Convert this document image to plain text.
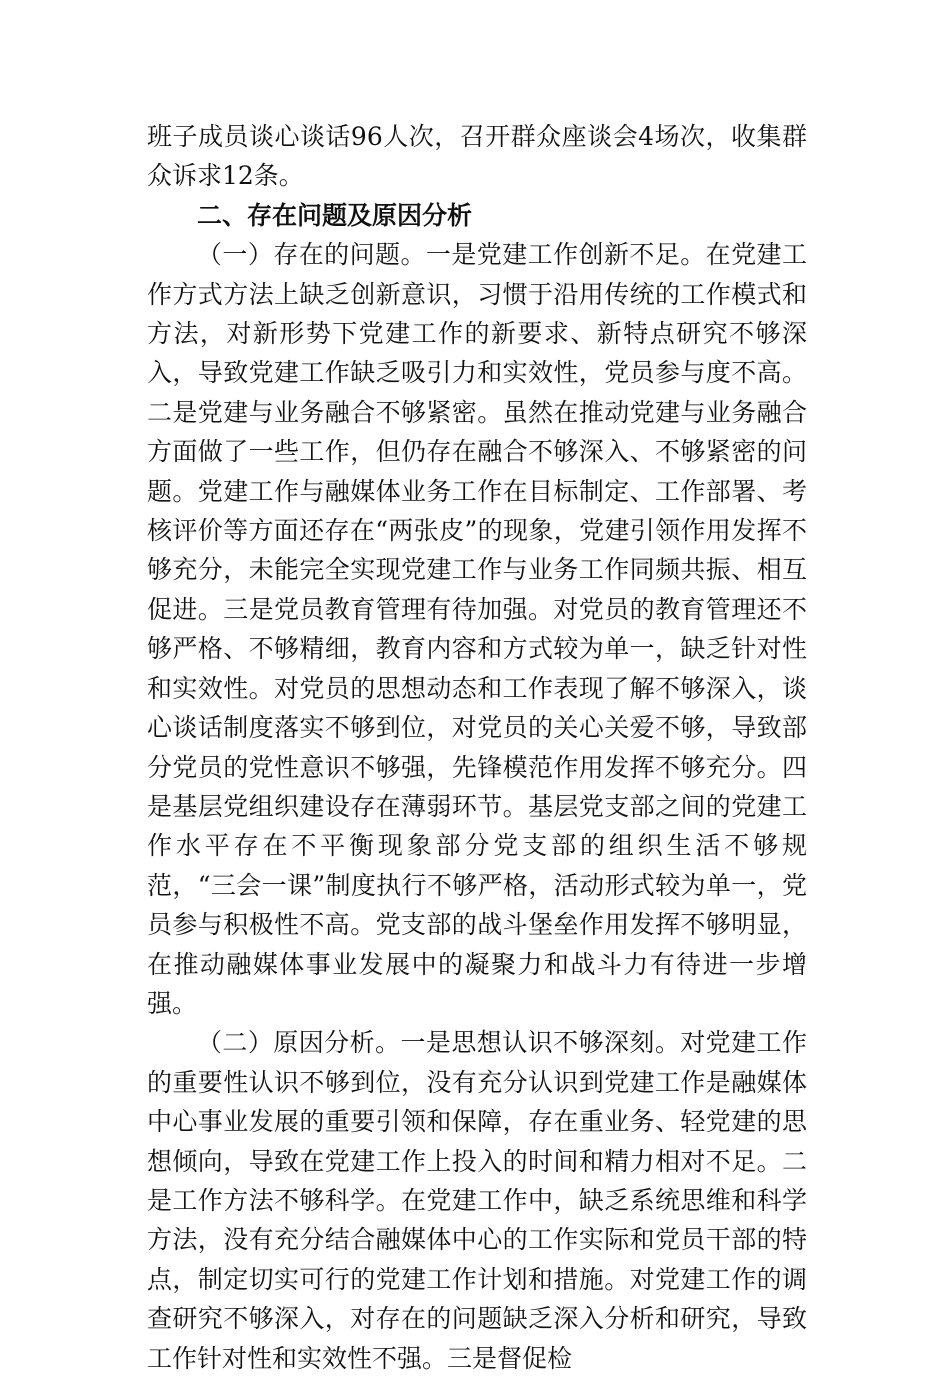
班子成员谈心谈话96人次，召开群众座谈会4场次，收集群众诉求12条。

二、存在问题及原因分析

（一）存在的问题。一是党建工作创新不足。在党建工作方式方法上缺乏创新意识，习惯于沿用传统的工作模式和方法，对新形势下党建工作的新要求、新特点研究不够深入，导致党建工作缺乏吸引力和实效性，党员参与度不高。二是党建与业务融合不够紧密。虽然在推动党建与业务融合方面做了一些工作，但仍存在融合不够深入、不够紧密的问题。党建工作与融媒体业务工作在目标制定、工作部署、考核评价等方面还存在“两张皮”的现象，党建引领作用发挥不够充分，未能完全实现党建工作与业务工作同频共振、相互促进。三是党员教育管理有待加强。对党员的教育管理还不够严格、不够精细，教育内容和方式较为单一，缺乏针对性和实效性。对党员的思想动态和工作表现了解不够深入，谈心谈话制度落实不够到位，对党员的关心关爱不够，导致部分党员的党性意识不够强，先锋模范作用发挥不够充分。四是基层党组织建设存在薄弱环节。基层党支部之间的党建工作水平存在不平衡现象部分党支部的组织生活不够规范，“三会一课”制度执行不够严格，活动形式较为单一，党员参与积极性不高。党支部的战斗堡垒作用发挥不够明显，在推动融媒体事业发展中的凝聚力和战斗力有待进一步增强。

（二）原因分析。一是思想认识不够深刻。对党建工作的重要性认识不够到位，没有充分认识到党建工作是融媒体中心事业发展的重要引领和保障，存在重业务、轻党建的思想倾向，导致在党建工作上投入的时间和精力相对不足。二是工作方法不够科学。在党建工作中，缺乏系统思维和科学方法，没有充分结合融媒体中心的工作实际和党员干部的特点，制定切实可行的党建工作计划和措施。对党建工作的调查研究不够深入，对存在的问题缺乏深入分析和研究，导致工作针对性和实效性不强。三是督促检
